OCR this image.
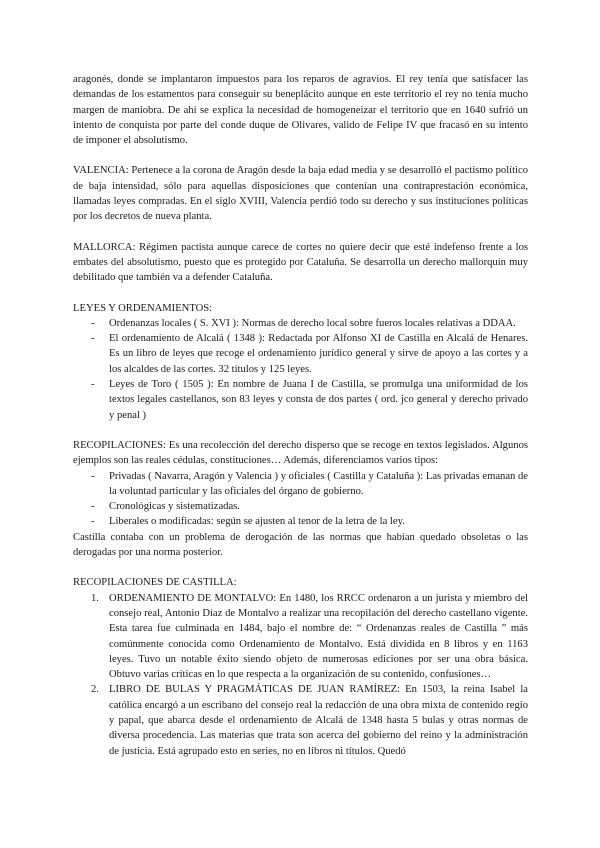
aragonés, donde se implantaron impuestos para los reparos de agravios. El rey tenía que satisfacer las demandas de los estamentos para conseguir su beneplácito aunque en este territorio el rey no tenía mucho margen de maniobra. De ahí se explica la necesidad de homogeneizar el territorio que en 1640 sufrió un intento de conquista por parte del conde duque de Olivares, valido de Felipe IV que fracasó en su intento de imponer el absolutismo.

VALENCIA: Pertenece a la corona de Aragón desde la baja edad media y se desarrolló el pactismo político de baja intensidad, sólo para aquellas disposiciones que contenían una contraprestación económica, llamadas leyes compradas. En el siglo XVIII, Valencia perdió todo su derecho y sus instituciones políticas por los decretos de nueva planta.

MALLORCA: Régimen pactista aunque carece de cortes no quiere decir que esté indefenso frente a los embates del absolutismo, puesto que es protegido por Cataluña. Se desarrolla un derecho mallorquín muy debilitado que también va a defender Cataluña.

LEYES Y ORDENAMIENTOS:

- Ordenanzas locales ( S. XVI ): Normas de derecho local sobre fueros locales relativas a DDAA.
- El ordenamiento de Alcalá ( 1348 ): Redactada por Alfonso XI de Castilla en Alcalá de Henares. Es un libro de leyes que recoge el ordenamiento jurídico general y sirve de apoyo a las cortes y a los alcaldes de las cortes. 32 títulos y 125 leyes.
- Leyes de Toro ( 1505 ): En nombre de Juana I de Castilla, se promulga una uniformidad de los textos legales castellanos, son 83 leyes y consta de dos partes ( ord. jco general y derecho privado y penal )

RECOPILACIONES: Es una recolección del derecho disperso que se recoge en textos legislados. Algunos ejemplos son las reales cédulas, constituciones… Además, diferenciamos varios tipos:

- Privadas ( Navarra, Aragón y Valencia ) y oficiales ( Castilla y Cataluña ): Las privadas emanan de la voluntad particular y las oficiales del órgano de gobierno.
- Cronológicas y sistematizadas.
- Liberales o modificadas: según se ajusten al tenor de la letra de la ley.

Castilla contaba con un problema de derogación de las normas que habían quedado obsoletas o las derogadas por una norma posterior.

RECOPILACIONES DE CASTILLA:

1. ORDENAMIENTO DE MONTALVO: En 1480, los RRCC ordenaron a un jurista y miembro del consejo real, Antonio Díaz de Montalvo a realizar una recopilación del derecho castellano vigente. Esta tarea fue culminada en 1484, bajo el nombre de: “ Ordenanzas reales de Castilla ” más comúnmente conocida como Ordenamiento de Montalvo. Está dividida en 8 libros y en 1163 leyes. Tuvo un notable éxito siendo objeto de numerosas ediciones por ser una obra básica. Obtuvo varias críticas en lo que respecta a la organización de su contenido, confusiones…
2. LIBRO DE BULAS Y PRAGMÁTICAS DE JUAN RAMÍREZ: En 1503, la reina Isabel la católica encargó a un escribano del consejo real la redacción de una obra mixta de contenido regio y papal, que abarca desde el ordenamiento de Alcalá de 1348 hasta 5 bulas y otras normas de diversa procedencia. Las materias que trata son acerca del gobierno del reino y la administración de justicia. Está agrupado esto en series, no en libros ni títulos. Quedó
